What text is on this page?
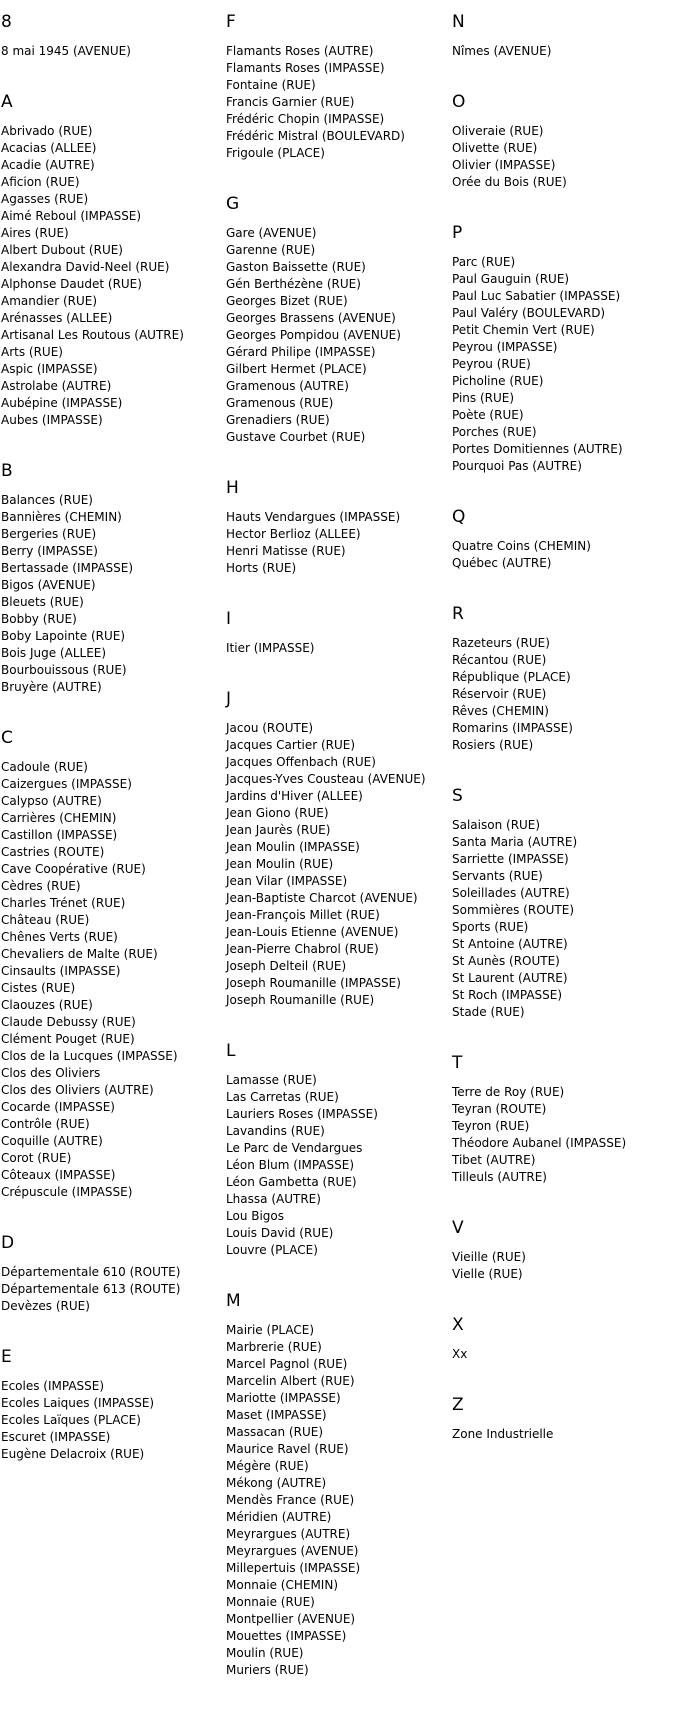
8
8 mai 1945 (AVENUE)
A
Abrivado (RUE)
Acacias (ALLEE)
Acadie (AUTRE)
Aficion (RUE)
Agasses (RUE)
Aimé Reboul (IMPASSE)
Aires (RUE)
Albert Dubout (RUE)
Alexandra David-Neel (RUE)
Alphonse Daudet (RUE)
Amandier (RUE)
Arénasses (ALLEE)
Artisanal Les Routous (AUTRE)
Arts (RUE)
Aspic (IMPASSE)
Astrolabe (AUTRE)
Aubépine (IMPASSE)
Aubes (IMPASSE)
B
Balances (RUE)
Bannières (CHEMIN)
Bergeries (RUE)
Berry (IMPASSE)
Bertassade (IMPASSE)
Bigos (AVENUE)
Bleuets (RUE)
Bobby (RUE)
Boby Lapointe (RUE)
Bois Juge (ALLEE)
Bourbouissous (RUE)
Bruyère (AUTRE)
C
Cadoule (RUE)
Caizergues (IMPASSE)
Calypso (AUTRE)
Carrières (CHEMIN)
Castillon (IMPASSE)
Castries (ROUTE)
Cave Coopérative (RUE)
Cèdres (RUE)
Charles Trénet (RUE)
Château (RUE)
Chênes Verts (RUE)
Chevaliers de Malte (RUE)
Cinsaults (IMPASSE)
Cistes (RUE)
Claouzes (RUE)
Claude Debussy (RUE)
Clément Pouget (RUE)
Clos de la Lucques (IMPASSE)
Clos des Oliviers
Clos des Oliviers (AUTRE)
Cocarde (IMPASSE)
Contrôle (RUE)
Coquille (AUTRE)
Corot (RUE)
Côteaux (IMPASSE)
Crépuscule (IMPASSE)
D
Départementale 610 (ROUTE)
Départementale 613 (ROUTE)
Devèzes (RUE)
E
Ecoles (IMPASSE)
Ecoles Laiques (IMPASSE)
Ecoles Laïques (PLACE)
Escuret (IMPASSE)
Eugène Delacroix (RUE)
F
Flamants Roses (AUTRE)
Flamants Roses (IMPASSE)
Fontaine (RUE)
Francis Garnier (RUE)
Frédéric Chopin (IMPASSE)
Frédéric Mistral (BOULEVARD)
Frigoule (PLACE)
G
Gare (AVENUE)
Garenne (RUE)
Gaston Baissette (RUE)
Gén Berthézène (RUE)
Georges Bizet (RUE)
Georges Brassens (AVENUE)
Georges Pompidou (AVENUE)
Gérard Philipe (IMPASSE)
Gilbert Hermet (PLACE)
Gramenous (AUTRE)
Gramenous (RUE)
Grenadiers (RUE)
Gustave Courbet (RUE)
H
Hauts Vendargues (IMPASSE)
Hector Berlioz (ALLEE)
Henri Matisse (RUE)
Horts (RUE)
I
Itier (IMPASSE)
J
Jacou (ROUTE)
Jacques Cartier (RUE)
Jacques Offenbach (RUE)
Jacques-Yves Cousteau (AVENUE)
Jardins d'Hiver (ALLEE)
Jean Giono (RUE)
Jean Jaurès (RUE)
Jean Moulin (IMPASSE)
Jean Moulin (RUE)
Jean Vilar (IMPASSE)
Jean-Baptiste Charcot (AVENUE)
Jean-François Millet (RUE)
Jean-Louis Etienne (AVENUE)
Jean-Pierre Chabrol (RUE)
Joseph Delteil (RUE)
Joseph Roumanille (IMPASSE)
Joseph Roumanille (RUE)
L
Lamasse (RUE)
Las Carretas (RUE)
Lauriers Roses (IMPASSE)
Lavandins (RUE)
Le Parc de Vendargues
Léon Blum (IMPASSE)
Léon Gambetta (RUE)
Lhassa (AUTRE)
Lou Bigos
Louis David (RUE)
Louvre (PLACE)
M
Mairie (PLACE)
Marbrerie (RUE)
Marcel Pagnol (RUE)
Marcelin Albert (RUE)
Mariotte (IMPASSE)
Maset (IMPASSE)
Massacan (RUE)
Maurice Ravel (RUE)
Mégère (RUE)
Mékong (AUTRE)
Mendès France (RUE)
Méridien (AUTRE)
Meyrargues (AUTRE)
Meyrargues (AVENUE)
Millepertuis (IMPASSE)
Monnaie (CHEMIN)
Monnaie (RUE)
Montpellier (AVENUE)
Mouettes (IMPASSE)
Moulin (RUE)
Muriers (RUE)
N
Nîmes (AVENUE)
O
Oliveraie (RUE)
Olivette (RUE)
Olivier (IMPASSE)
Orée du Bois (RUE)
P
Parc (RUE)
Paul Gauguin (RUE)
Paul Luc Sabatier (IMPASSE)
Paul Valéry (BOULEVARD)
Petit Chemin Vert (RUE)
Peyrou (IMPASSE)
Peyrou (RUE)
Picholine (RUE)
Pins (RUE)
Poète (RUE)
Porches (RUE)
Portes Domitiennes (AUTRE)
Pourquoi Pas (AUTRE)
Q
Quatre Coins (CHEMIN)
Québec (AUTRE)
R
Razeteurs (RUE)
Récantou (RUE)
République (PLACE)
Réservoir (RUE)
Rêves (CHEMIN)
Romarins (IMPASSE)
Rosiers (RUE)
S
Salaison (RUE)
Santa Maria (AUTRE)
Sarriette (IMPASSE)
Servants (RUE)
Soleillades (AUTRE)
Sommières (ROUTE)
Sports (RUE)
St Antoine (AUTRE)
St Aunès (ROUTE)
St Laurent (AUTRE)
St Roch (IMPASSE)
Stade (RUE)
T
Terre de Roy (RUE)
Teyran (ROUTE)
Teyron (RUE)
Théodore Aubanel (IMPASSE)
Tibet (AUTRE)
Tilleuls (AUTRE)
V
Vieille (RUE)
Vielle (RUE)
X
Xx
Z
Zone Industrielle
